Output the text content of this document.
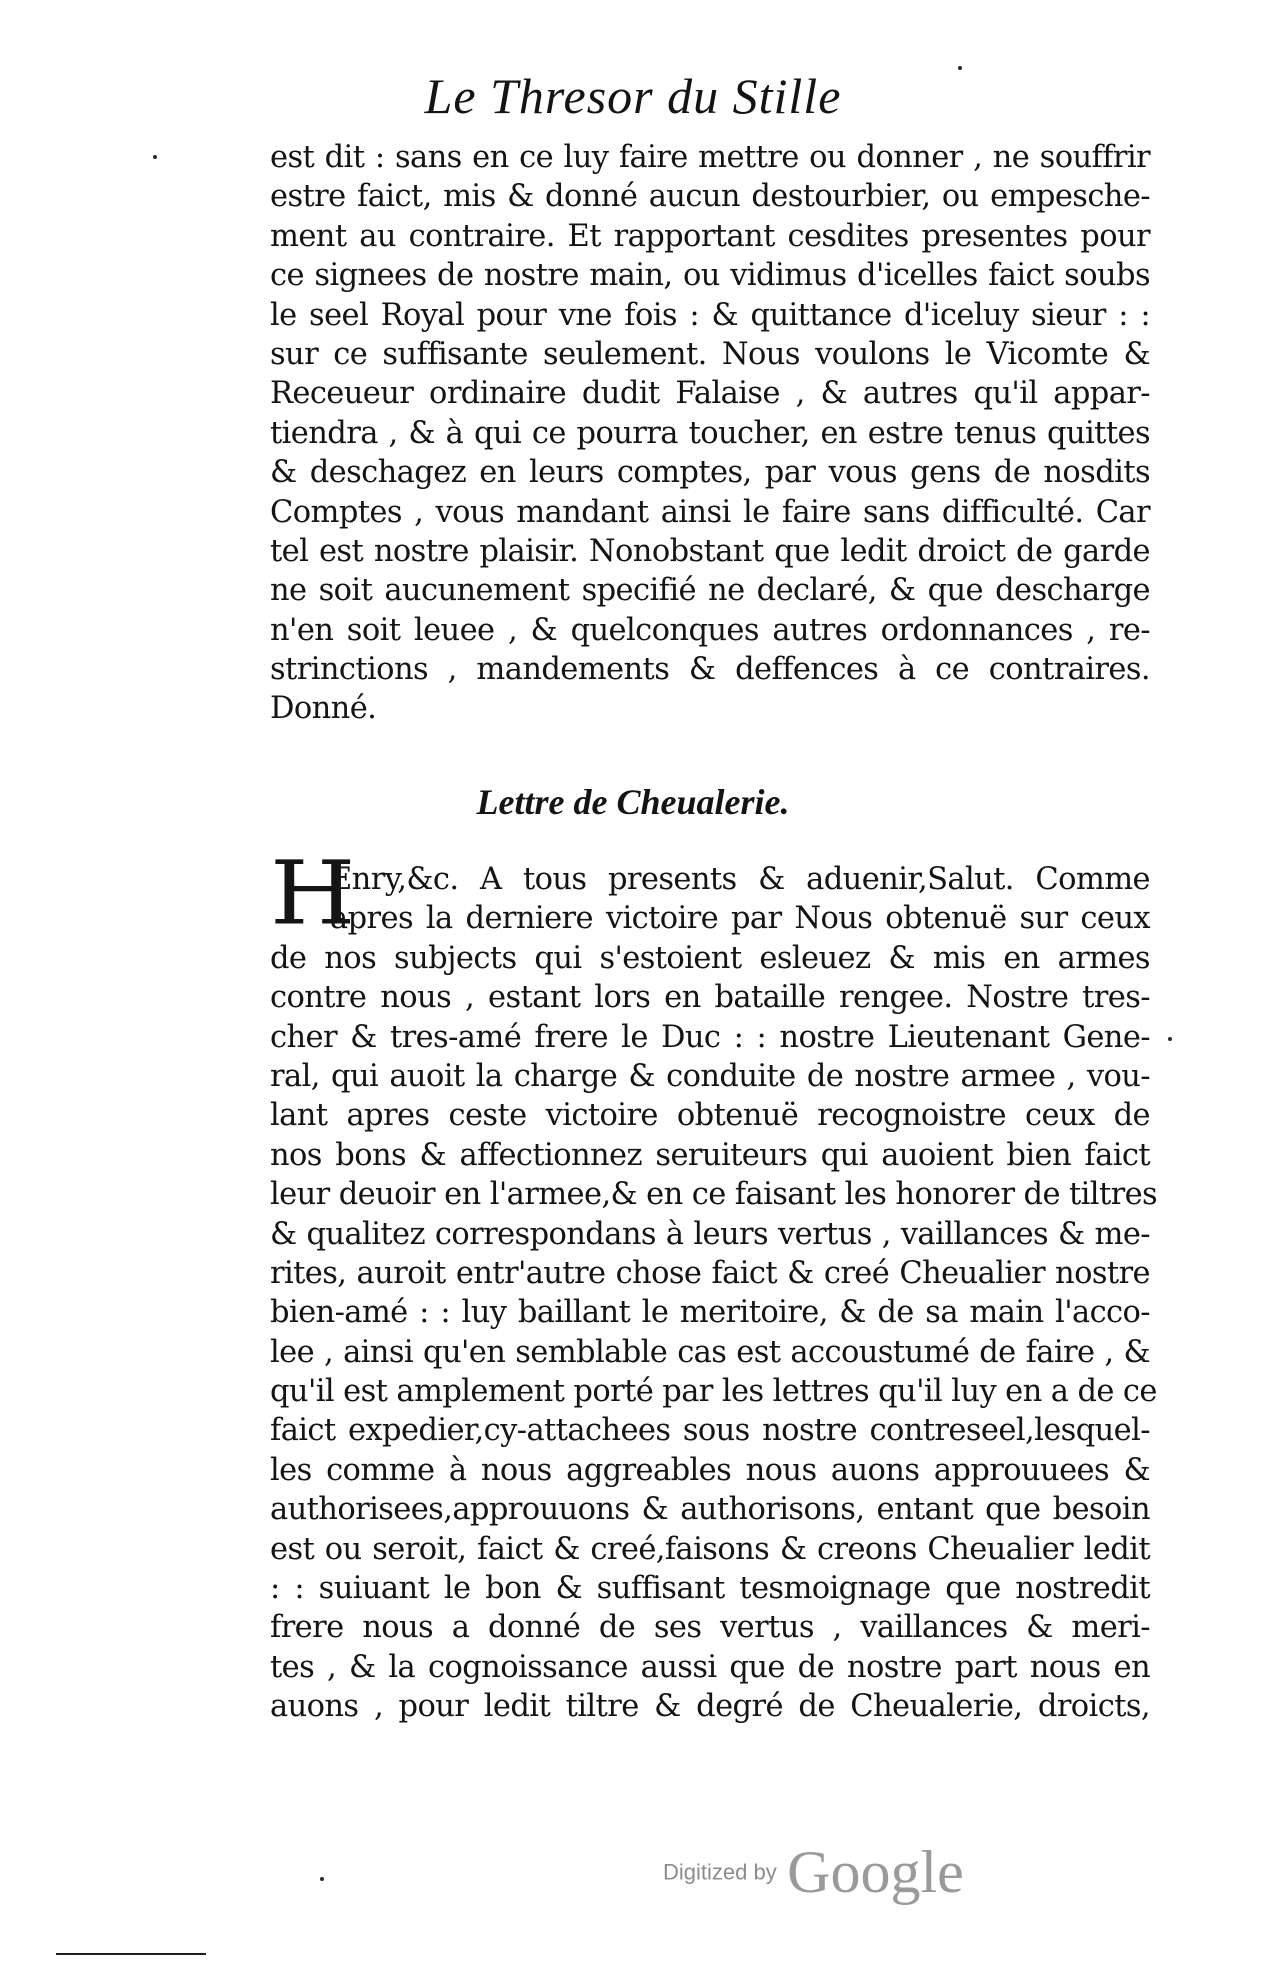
Le Thresor du Stille
est dit : sans en ce luy faire mettre ou donner , ne souffrir
estre faict, mis & donné aucun destourbier, ou empesche-
ment au contraire. Et rapportant cesdites presentes pour
ce signees de nostre main, ou vidimus d'icelles faict soubs
le seel Royal pour vne fois : & quittance d'iceluy sieur : :
sur ce suffisante seulement. Nous voulons le Vicomte &
Receueur ordinaire dudit Falaise , & autres qu'il appar-
tiendra , & à qui ce pourra toucher, en estre tenus quittes
& deschagez en leurs comptes, par vous gens de nosdits
Comptes , vous mandant ainsi le faire sans difficulté. Car
tel est nostre plaisir. Nonobstant que ledit droict de garde
ne soit aucunement specifié ne declaré, & que descharge
n'en soit leuee , & quelconques autres ordonnances , re-
strinctions , mandements & deffences à ce contraires.
Donné.
Lettre de Cheualerie.
H
Enry,&c. A tous presents & aduenir,Salut. Comme
apres la derniere victoire par Nous obtenuë sur ceux
de nos subjects qui s'estoient esleuez & mis en armes
contre nous , estant lors en bataille rengee. Nostre tres-
cher & tres-amé frere le Duc : : nostre Lieutenant Gene-
ral, qui auoit la charge & conduite de nostre armee , vou-
lant apres ceste victoire obtenuë recognoistre ceux de
nos bons & affectionnez seruiteurs qui auoient bien faict
leur deuoir en l'armee,& en ce faisant les honorer de tiltres
& qualitez correspondans à leurs vertus , vaillances & me-
rites, auroit entr'autre chose faict & creé Cheualier nostre
bien-amé : : luy baillant le meritoire, & de sa main l'acco-
lee , ainsi qu'en semblable cas est accoustumé de faire , &
qu'il est amplement porté par les lettres qu'il luy en a de ce
faict expedier,cy-attachees sous nostre contreseel,lesquel-
les comme à nous aggreables nous auons approuuees &
authorisees,approuuons & authorisons, entant que besoin
est ou seroit, faict & creé,faisons & creons Cheualier ledit
: : suiuant le bon & suffisant tesmoignage que nostredit
frere nous a donné de ses vertus , vaillances & meri-
tes , & la cognoissance aussi que de nostre part nous en
auons , pour ledit tiltre & degré de Cheualerie, droicts,
Digitized by Google
